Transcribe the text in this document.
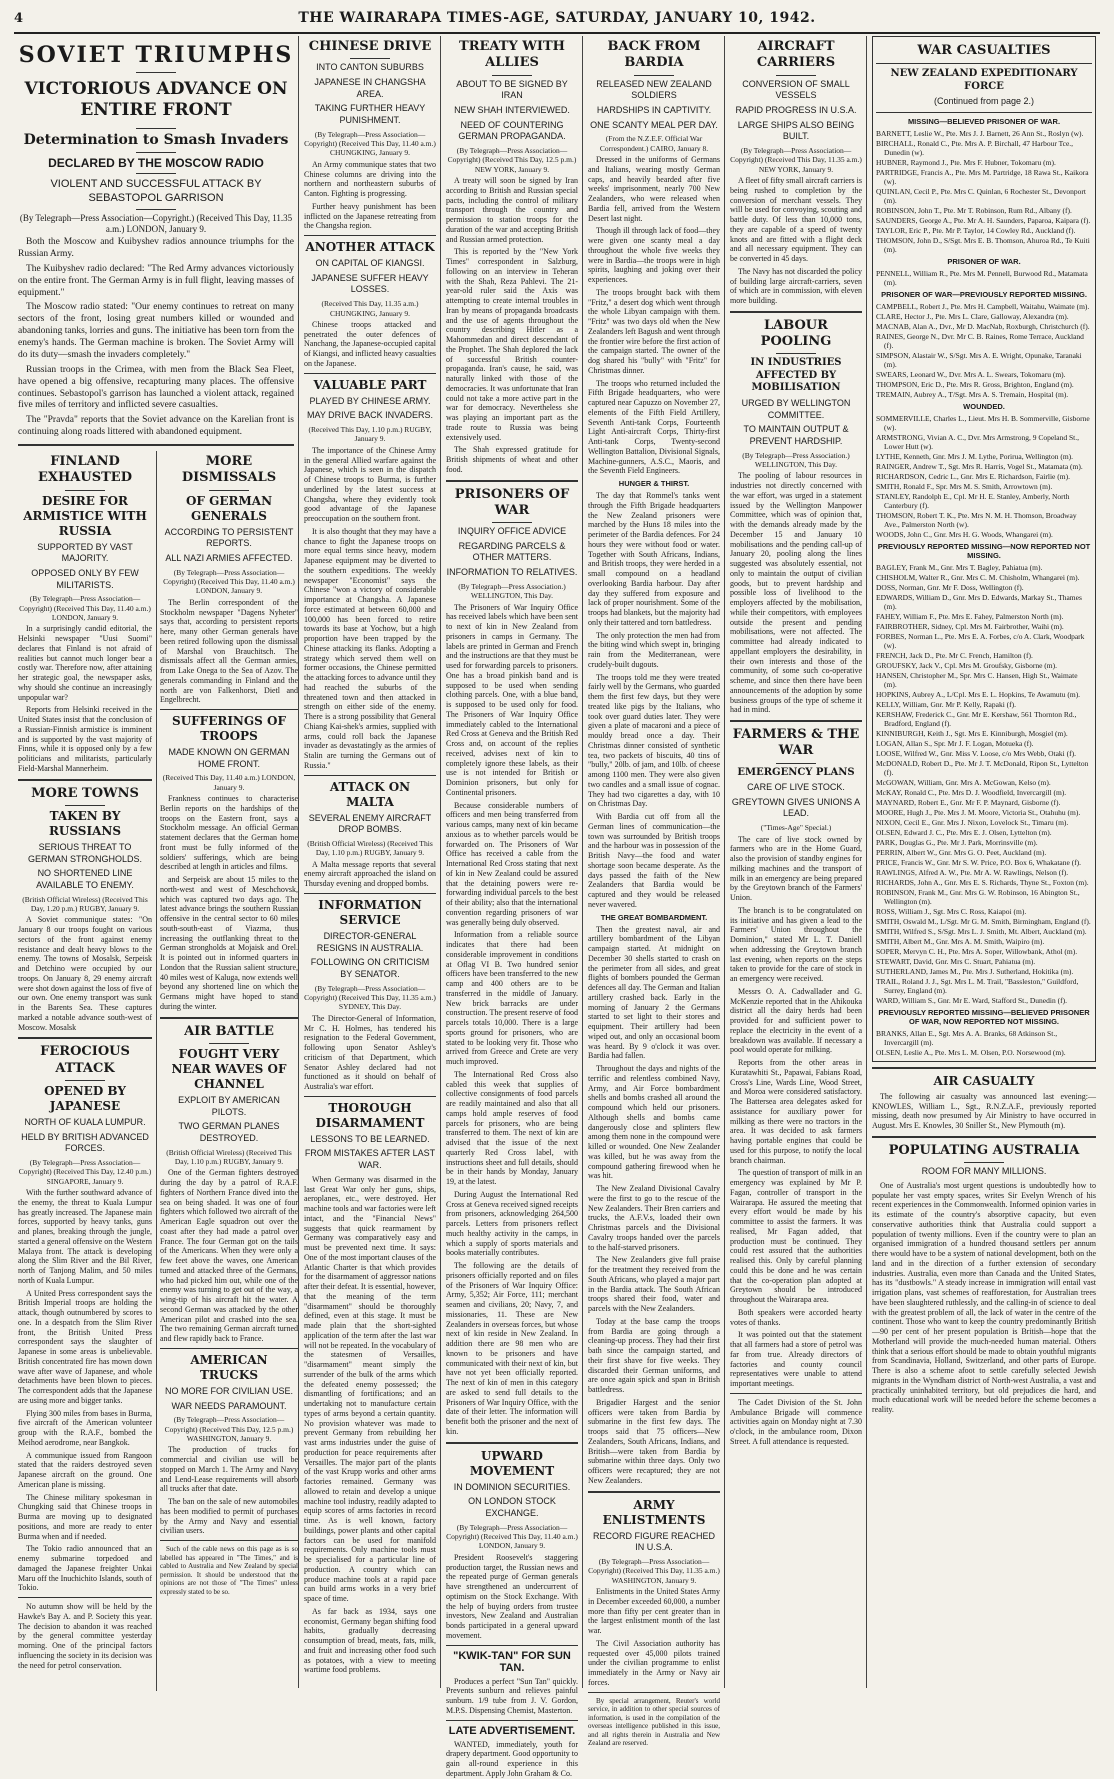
4	THE WAIRARAPA TIMES-AGE, SATURDAY, JANUARY 10, 1942.
SOVIET TRIUMPHS
VICTORIOUS ADVANCE ON ENTIRE FRONT
Determination to Smash Invaders
DECLARED BY THE MOSCOW RADIO
VIOLENT AND SUCCESSFUL ATTACK BY SEBASTOPOL GARRISON
(By Telegraph—Press Association—Copyright.) (Received This Day, 11.35 a.m.) LONDON, January 9.

Both the Moscow and Kuibyshev radios announce triumphs for the Russian Army.

The Kuibyshev radio declared: "The Red Army advances victoriously on the entire front. The German Army is in full flight, leaving masses of equipment."

The Moscow radio stated: "Our enemy continues to retreat on many sectors of the front, losing great numbers killed or wounded and abandoning tanks, lorries and guns. The initiative has been torn from the enemy's hands. The German machine is broken. The Soviet Army will do its duty—smash the invaders completely."

Russian troops in the Crimea, with men from the Black Sea Fleet, have opened a big offensive, recapturing many places. The offensive continues. Sebastopol's garrison has launched a violent attack, regained five miles of territory and inflicted severe casualties.

The "Pravda" reports that the Soviet advance on the Karelian front is continuing along roads littered with abandoned equipment.

FINLAND EXHAUSTED
DESIRE FOR ARMISTICE WITH RUSSIA
SUPPORTED BY VAST MAJORITY.
OPPOSED ONLY BY FEW MILITARISTS.
(By Telegraph—Press Association—Copyright) (Received This Day, 11.40 a.m.) LONDON, January 9.

In a surprisingly candid editorial, the Helsinki newspaper "Uusi Suomi" declares that Finland is not afraid of realities but cannot much longer bear a costly war. Therefore now, after attaining her strategic goal, the newspaper asks, why should she continue an increasingly unpopular war?

Reports from Helsinki received in the United States insist that the conclusion of a Russian-Finnish armistice is imminent and is supported by the vast majority of Finns, while it is opposed only by a few politicians and militarists, particularly Field-Marshal Mannerheim.

MORE TOWNS
TAKEN BY RUSSIANS
SERIOUS THREAT TO GERMAN STRONGHOLDS.
NO SHORTENED LINE AVAILABLE TO ENEMY.
(British Official Wireless) (Received This Day, 1.20 p.m.) RUGBY, January 9.

A Soviet communique states: "On January 8 our troops fought on various sectors of the front against enemy resistance and dealt heavy blows to the enemy. The towns of Mosalsk, Serpeisk and Detchino were occupied by our troops. On January 8, 29 enemy aircraft were shot down against the loss of five of our own. One enemy transport was sunk in the Barents Sea. These captures marked a notable advance south-west of Moscow. Mosalsk

FEROCIOUS ATTACK
OPENED BY JAPANESE
NORTH OF KUALA LUMPUR.
HELD BY BRITISH ADVANCED FORCES.
(By Telegraph—Press Association—Copyright) (Received This Day, 12.40 p.m.) SINGAPORE, January 9.

With the further southward advance of the enemy, the threat to Kuala Lumpur has greatly increased. The Japanese main forces, supported by heavy tanks, guns and planes, breaking through the jungle, started a general offensive on the Western Malaya front. The attack is developing along the Slim River and the Bil River, north of Tanjong Malim, and 50 miles north of Kuala Lumpur.

A United Press correspondent says the British Imperial troops are holding the attack, though outnumbered by scores to one. In a despatch from the Slim River front, the British United Press correspondent says the slaughter of Japanese in some areas is unbelievable. British concentrated fire has mown down wave after wave of Japanese, and whole detachments have been blown to pieces. The correspondent adds that the Japanese are using more and bigger tanks.

Flying 300 miles from bases in Burma, five aircraft of the American volunteer group with the R.A.F., bombed the Meihod aerodrome, near Bangkok.

A communique issued from Rangoon stated that the raiders destroyed seven Japanese aircraft on the ground. One American plane is missing.

The Chinese military spokesman in Chungking said that Chinese troops in Burma are moving up to designated positions, and more are ready to enter Burma when and if needed.

The Tokio radio announced that an enemy submarine torpedoed and damaged the Japanese freighter Unkai Maru off the Inuchichito Islands, south of Tokio.

No autumn show will be held by the Hawke's Bay A. and P. Society this year. The decision to abandon it was reached by the general committee yesterday morning. One of the principal factors influencing the society in its decision was the need for petrol conservation.

MORE DISMISSALS
OF GERMAN GENERALS
ACCORDING TO PERSISTENT REPORTS.
ALL NAZI ARMIES AFFECTED.
(By Telegraph—Press Association—Copyright) (Received This Day, 11.40 a.m.) LONDON, January 9.

The Berlin correspondent of the Stockholm newspaper "Dagens Nyheter" says that, according to persistent reports here, many other German generals have been retired following upon the dismissal of Marshal von Brauchitsch. The dismissals affect all the German armies, from Lake Onega to the Sea of Azov. The generals commanding in Finland and the north are von Falkenhorst, Dietl and Engelbrecht.

SUFFERINGS OF TROOPS
MADE KNOWN ON GERMAN HOME FRONT.
(Received This Day, 11.40 a.m.) LONDON, January 9.

Frankness continues to characterise Berlin reports on the hardships of the troops on the Eastern front, says a Stockholm message. An official German statement declares that the German home front must be fully informed of the soldiers' sufferings, which are being described at length in articles and films.

and Serpeisk are about 15 miles to the north-west and west of Meschchovsk, which was captured two days ago. The latest advance brings the southern Russian offensive in the central sector to 60 miles south-south-east of Viazma, thus increasing the outflanking threat to the German strongholds at Mojaisk and Orel. It is pointed out in informed quarters in London that the Russian salient structure, 40 miles west of Kaluga, now extends well beyond any shortened line on which the Germans might have hoped to stand during the winter.

AIR BATTLE
FOUGHT VERY NEAR WAVES OF CHANNEL
EXPLOIT BY AMERICAN PILOTS.
TWO GERMAN PLANES DESTROYED.
(British Official Wireless) (Received This Day, 1.10 p.m.) RUGBY, January 9.

One of the German fighters destroyed during the day by a patrol of R.A.F. fighters of Northern France dived into the sea on being shaded. It was one of four fighters which followed two aircraft of the American Eagle squadron out over the coast after they had made a patrol over France. The four German got on the tails of the Americans. When they were only a few feet above the waves, one American turned and attacked three of the Germans, who had picked him out, while one of the enemy was turning to get out of the way, a wing-tip of his aircraft hit the water. A second German was attacked by the other American pilot and crashed into the sea. The two remaining German aircraft turned and flew rapidly back to France.

AMERICAN TRUCKS
NO MORE FOR CIVILIAN USE.
WAR NEEDS PARAMOUNT.
(By Telegraph—Press Association—Copyright) (Received This Day, 12.5 p.m.) WASHINGTON, January 9.

The production of trucks for commercial and civilian use will be stopped on March 1. The Army and Navy and Lend-Lease requirements will absorb all trucks after that date.

The ban on the sale of new automobiles has been modified to permit of purchases by the Army and Navy and essential civilian users.

Such of the cable news on this page as is so labelled has appeared in "The Times," and is cabled to Australia and New Zealand by special permission. It should be understood that the opinions are not those of "The Times" unless expressly stated to be so.

CHINESE DRIVE
INTO CANTON SUBURBS
JAPANESE IN CHANGSHA AREA.
TAKING FURTHER HEAVY PUNISHMENT.
(By Telegraph—Press Association—Copyright) (Received This Day, 11.40 a.m.) CHUNGKING, January 9.

An Army communique states that two Chinese columns are driving into the northern and northeastern suburbs of Canton. Fighting is progressing.

Further heavy punishment has been inflicted on the Japanese retreating from the Changsha region.

ANOTHER ATTACK
ON CAPITAL OF KIANGSI.
JAPANESE SUFFER HEAVY LOSSES.
(Received This Day, 11.35 a.m.) CHUNGKING, January 9.

Chinese troops attacked and penetrated the outer defences of Nanchang, the Japanese-occupied capital of Kiangsi, and inflicted heavy casualties on the Japanese.

VALUABLE PART
PLAYED BY CHINESE ARMY.
MAY DRIVE BACK INVADERS.
(Received This Day, 1.10 p.m.) RUGBY, January 9.

The importance of the Chinese Army in the general Allied warfare against the Japanese, which is seen in the dispatch of Chinese troops to Burma, is further underlined by the latest success at Changsha, where they evidently took good advantage of the Japanese preoccupation on the southern front.

It is also thought that they may have a chance to fight the Japanese troops on more equal terms since heavy, modern Japanese equipment may be diverted to the southern expeditions. The weekly newspaper "Economist" says the Chinese "won a victory of considerable importance at Changsha. A Japanese force estimated at between 60,000 and 100,000 has been forced to retire towards its base at Yochow, but a high proportion have been trapped by the Chinese attacking its flanks. Adopting a strategy which served them well on former occasions, the Chinese permitted the attacking forces to advance until they had reached the suburbs of the threatened town and then attacked in strength on either side of the enemy. There is a strong possibility that General Chiang Kai-shek's armies, supplied with arms, could roll back the Japanese invader as devastatingly as the armies of Stalin are turning the Germans out of Russia."

ATTACK ON MALTA
SEVERAL ENEMY AIRCRAFT DROP BOMBS.
(British Official Wireless) (Received This Day, 1.10 p.m.) RUGBY, January 9.

A Malta message reports that several enemy aircraft approached the island on Thursday evening and dropped bombs.

INFORMATION SERVICE
DIRECTOR-GENERAL RESIGNS IN AUSTRALIA.
FOLLOWING ON CRITICISM BY SENATOR.
(By Telegraph—Press Association—Copyright) (Received This Day, 11.35 a.m.) SYDNEY, This Day.

The Director-General of Information, Mr C. H. Holmes, has tendered his resignation to the Federal Government, following upon Senator Ashley's criticism of that Department, which Senator Ashley declared had not functioned as it should on behalf of Australia's war effort.

THOROUGH DISARMAMENT
LESSONS TO BE LEARNED.
FROM MISTAKES AFTER LAST WAR.

When Germany was disarmed in the last Great War only her guns, ships, aeroplanes, etc., were destroyed. Her machine tools and war factories were left intact, and the "Financial News" suggests that quick rearmament by Germany was comparatively easy and must be prevented next time. It says: One of the most important clauses of the Atlantic Charter is that which provides for the disarmament of aggressor nations after their defeat. It is essential, however, that the meaning of the term "disarmament" should be thoroughly defined, even at this stage. It must be made plain that the short-sighted application of the term after the last war will not be repeated. In the vocabulary of the statesmen of Versailles, "disarmament" meant simply the surrender of the bulk of the arms which the defeated enemy possessed; the dismantling of fortifications; and an undertaking not to manufacture certain types of arms beyond a certain quantity. No provision whatever was made to prevent Germany from rebuilding her vast arms industries under the guise of production for peace requirements after Versailles. The major part of the plants of the vast Krupp works and other arms factories remained. Germany was allowed to retain and develop a unique machine tool industry, readily adapted to equip scores of arms factories in record time. As is well known, factory buildings, power plants and other capital factors can be used for manifold requirements. Only machine tools must be specialised for a particular line of production. A country which can produce machine tools at a rapid pace can build arms works in a very brief space of time.

As far back as 1934, says one economist, Germany began shifting food habits, gradually decreasing consumption of bread, meats, fats, milk, and fruit and increasing other food such as potatoes, with a view to meeting wartime food problems.

TREATY WITH ALLIES
ABOUT TO BE SIGNED BY IRAN
NEW SHAH INTERVIEWED.
NEED OF COUNTERING GERMAN PROPAGANDA.
(By Telegraph—Press Association—Copyright) (Received This Day, 12.5 p.m.) NEW YORK, January 9.

A treaty will soon be signed by Iran according to British and Russian special pacts, including the control of military transport through the country and permission to station troops for the duration of the war and accepting British and Russian armed protection.

This is reported by the "New York Times" correspondent in Salzburg, following on an interview in Teheran with the Shah, Reza Pahlevi. The 21-year-old ruler said the Axis was attempting to create internal troubles in Iran by means of propaganda broadcasts and the use of agents throughout the country describing Hitler as a Mahommedan and direct descendant of the Prophet. The Shah deplored the lack of successful British counter-propaganda. Iran's cause, he said, was naturally linked with those of the democracies. It was unfortunate that Iran could not take a more active part in the war for democracy. Nevertheless she was playing an important part as the trade route to Russia was being extensively used.

The Shah expressed gratitude for British shipments of wheat and other food.

PRISONERS OF WAR
INQUIRY OFFICE ADVICE
REGARDING PARCELS & OTHER MATTERS.
INFORMATION TO RELATIVES.
(By Telegraph—Press Association.) WELLINGTON, This Day.

The Prisoners of War Inquiry Office has received labels which have been sent to next of kin in New Zealand from prisoners in camps in Germany. The labels are printed in German and French and the instructions are that they must be used for forwarding parcels to prisoners. One has a broad pinkish band and is supposed to be used when sending clothing parcels. One, with a blue band, is supposed to be used only for food. The Prisoners of War Inquiry Office immediately cabled to the International Red Cross at Geneva and the British Red Cross and, on account of the replies received, advises next of kin to completely ignore these labels, as their use is not intended for British or Dominion prisoners, but only for Continental prisoners.

Because considerable numbers of officers and men being transferred from various camps, many next of kin became anxious as to whether parcels would be forwarded on. The Prisoners of War Office has received a cable from the International Red Cross stating that next of kin in New Zealand could be assured that the detaining powers were re-forwarding individual parcels to the best of their ability; also that the international convention regarding prisoners of war was generally being duly observed.

Information from a reliable source indicates that there had been considerable improvement in conditions at Oflag VI B. Two hundred senior officers have been transferred to the new camp and 400 others are to be transferred in the middle of January. New brick barracks are under construction. The present reserve of food parcels totals 10,000. There is a large sports ground for prisoners, who are stated to be looking very fit. Those who arrived from Greece and Crete are very much improved.

The International Red Cross also cabled this week that supplies of collective consignments of food parcels are readily maintained and also that all camps hold ample reserves of food parcels for prisoners, who are being transferred to them. The next of kin are advised that the issue of the next quarterly Red Cross label, with instructions sheet and full details, should be in their hands by Monday, January 19, at the latest.

During August the International Red Cross at Geneva received signed receipts from prisoners, acknowledging 264,500 parcels. Letters from prisoners reflect much healthy activity in the camps, in which a supply of sports materials and books materially contributes.

The following are the details of prisoners officially reported and on files of the Prisoners of War Inquiry Office: Army, 5,352; Air Force, 111; merchant seamen and civilians, 20; Navy, 7, and missionaries, 11. These are New Zealanders in overseas forces, but whose next of kin reside in New Zealand. In addition there are 98 men who are known to be prisoners and have communicated with their next of kin, but have not yet been officially reported. The next of kin of men in this category are asked to send full details to the Prisoners of War Inquiry Office, with the date of their letter. The information will benefit both the prisoner and the next of kin.

UPWARD MOVEMENT
IN DOMINION SECURITIES.
ON LONDON STOCK EXCHANGE.
(By Telegraph—Press Association—Copyright) (Received This Day, 11.40 a.m.) LONDON, January 9.

President Roosevelt's staggering production target, the Russian news and the repeated purge of German generals have strengthened an undercurrent of optimism on the Stock Exchange. With the help of buying orders from trustee investors, New Zealand and Australian bonds participated in a general upward movement.

"KWIK-TAN" FOR SUN TAN.

Produces a perfect "Sun Tan" quickly. Prevents sunburn and relieves painful sunburn. 1/9 tube from J. V. Gordon, M.P.S. Dispensing Chemist, Masterton.

LATE ADVERTISEMENT.

WANTED, immediately, youth for drapery department. Good opportunity to gain all-round experience in this department. Apply John Graham & Co.

BACK FROM BARDIA
RELEASED NEW ZEALAND SOLDIERS
HARDSHIPS IN CAPTIVITY.
ONE SCANTY MEAL PER DAY.
(From the N.Z.E.F. Official War Correspondent.) CAIRO, January 8.

Dressed in the uniforms of Germans and Italians, wearing mostly German caps, and heavily bearded after five weeks' imprisonment, nearly 700 New Zealanders, who were released when Bardia fell, arrived from the Western Desert last night.

Though ill through lack of food—they were given one scanty meal a day throughout the whole five weeks they were in Bardia—the troops were in high spirits, laughing and joking over their experiences.

The troops brought back with them "Fritz," a desert dog which went through the whole Libyan campaign with them. "Fritz" was two days old when the New Zealanders left Bagush and went through the frontier wire before the first action of the campaign started. The owner of the dog shared his "bully" with "Fritz" for Christmas dinner.

The troops who returned included the Fifth Brigade headquarters, who were captured near Capuzzo on November 27, elements of the Fifth Field Artillery, Seventh Anti-tank Corps, Fourteenth Light Anti-aircraft Corps, Thirty-first Anti-tank Corps, Twenty-second Wellington Battalion, Divisional Signals, Machine-gunners, A.S.C., Maoris, and the Seventh Field Engineers.

HUNGER & THIRST.

The day that Rommel's tanks went through the Fifth Brigade headquarters the New Zealand prisoners were marched by the Huns 18 miles into the perimeter of the Bardia defences. For 24 hours they were without food or water. Together with South Africans, Indians, and British troops, they were herded in a small compound on a headland overlooking Bardia harbour. Day after day they suffered from exposure and lack of proper nourishment. Some of the troops had blankets, but the majority had only their tattered and torn battledress.

The only protection the men had from the biting wind which swept in, bringing rain from the Mediterranean, were crudely-built dugouts.

The troops told me they were treated fairly well by the Germans, who guarded them the first few days, but they were treated like pigs by the Italians, who took over guard duties later. They were given a plate of macaroni and a piece of mouldy bread once a day. Their Christmas dinner consisted of synthetic tea, two packets of biscuits, 40 tins of "bully," 20lb. of jam, and 10lb. of cheese among 1100 men. They were also given two candles and a small issue of cognac. They had two cigarettes a day, with 10 on Christmas Day.

With Bardia cut off from all the German lines of communication—the town was surrounded by British troops and the harbour was in possession of the British Navy—the food and water shortage soon became desperate. As the days passed the faith of the New Zealanders that Bardia would be captured and they would be released never wavered.

THE GREAT BOMBARDMENT.

Then the greatest naval, air and artillery bombardment of the Libyan campaign started. At midnight on December 30 shells started to crash on the perimeter from all sides, and great flights of bombers pounded the German defences all day. The German and Italian artillery crashed back. Early in the morning of January 2 the Germans started to set light to their stores and equipment. Their artillery had been wiped out, and only an occasional boom was heard. By 9 o'clock it was over. Bardia had fallen.

Throughout the days and nights of the terrific and relentless combined Navy, Army, and Air Force bombardment shells and bombs crashed all around the compound which held our prisoners. Although shells and bombs came dangerously close and splinters flew among them none in the compound were killed or wounded. One New Zealander was killed, but he was away from the compound gathering firewood when he was hit.

The New Zealand Divisional Cavalry were the first to go to the rescue of the New Zealanders. Their Bren carriers and trucks, the A.F.V.s, loaded their own Christmas parcels and the Divisional Cavalry troops handed over the parcels to the half-starved prisoners.

The New Zealanders give full praise for the treatment they received from the South Africans, who played a major part in the Bardia attack. The South African troops shared their food, water and parcels with the New Zealanders.

Today at the base camp the troops from Bardia are going through a cleaning-up process. They had their first bath since the campaign started, and their first shave for five weeks. They discarded their German uniforms, and are once again spick and span in British battledress.

Brigadier Hargest and the senior officers were taken from Bardia by submarine in the first few days. The troops said that 75 officers—New Zealanders, South Africans, Indians, and British—were taken from Bardia by submarine within three days. Only two officers were recaptured; they are not New Zealanders.

ARMY ENLISTMENTS
RECORD FIGURE REACHED IN U.S.A.
(By Telegraph—Press Association—Copyright) (Received This Day, 11.35 a.m.) WASHINGTON, January 9.

Enlistments in the United States Army in December exceeded 60,000, a number more than fifty per cent greater than in the largest enlistment month of the last war.

The Civil Association authority has requested over 45,000 pilots trained under the civilian programme to enlist immediately in the Army or Navy air forces.

By special arrangement, Reuter's world service, in addition to other special sources of information, is used in the compilation of the overseas intelligence published in this issue, and all rights therein in Australia and New Zealand are reserved.

AIRCRAFT CARRIERS
CONVERSION OF SMALL VESSELS
RAPID PROGRESS IN U.S.A.
LARGE SHIPS ALSO BEING BUILT.
(By Telegraph—Press Association—Copyright) (Received This Day, 11.35 a.m.) NEW YORK, January 9.

A fleet of fifty small aircraft carriers is being rushed to completion by the conversion of merchant vessels. They will be used for convoying, scouting and battle duty. Of less than 10,000 tons, they are capable of a speed of twenty knots and are fitted with a flight deck and all necessary equipment. They can be converted in 45 days.

The Navy has not discarded the policy of building large aircraft-carriers, seven of which are in commission, with eleven more building.

LABOUR POOLING
IN INDUSTRIES AFFECTED BY MOBILISATION
URGED BY WELLINGTON COMMITTEE.
TO MAINTAIN OUTPUT & PREVENT HARDSHIP.
(By Telegraph—Press Association.) WELLINGTON, This Day.

The pooling of labour resources in industries not directly concerned with the war effort, was urged in a statement issued by the Wellington Manpower Committee, which was of opinion that, with the demands already made by the December 15 and January 10 mobilisations and the pending call-up of January 20, pooling along the lines suggested was absolutely essential, not only to maintain the output of civilian goods, but to prevent hardship and possible loss of livelihood to the employers affected by the mobilisation, while their competitors, with employees outside the present and pending mobilisations, were not affected. The committee had already indicated to appellant employers the desirability, in their own interests and those of the community, of some such co-operative scheme, and since then there have been announcements of the adoption by some business groups of the type of scheme it had in mind.

FARMERS & THE WAR
EMERGENCY PLANS
CARE OF LIVE STOCK.
GREYTOWN GIVES UNIONS A LEAD.
("Times-Age" Special.)

The care of live stock owned by farmers who are in the Home Guard, also the provision of standby engines for milking machines and the transport of milk in an emergency are being prepared by the Greytown branch of the Farmers' Union.

The branch is to be congratulated on its initiative and has given a lead to the Farmers' Union throughout the Dominion," stated Mr L. T. Daniell when addressing the Greytown branch last evening, when reports on the steps taken to provide for the care of stock in an emergency were received.

Messrs O. A. Cadwallader and G. McKenzie reported that in the Ahikouka district all the dairy herds had been provided for and sufficient power to replace the electricity in the event of a breakdown was available. If necessary a pool would operate for milking.

Reports from the other areas in Kuratawhiti St., Papawai, Fabians Road, Cross's Line, Wards Line, Wood Street, and Moroa were considered satisfactory. The Battersea area delegates asked for assistance for auxiliary power for milking as there were no tractors in the area. It was decided to ask farmers having portable engines that could be used for this purpose, to notify the local branch chairman.

The question of transport of milk in an emergency was explained by Mr P. Fagan, controller of transport in the Wairarapa. He assured the meeting that every effort would be made by his committee to assist the farmers. It was realised, Mr Fagan added, that production must be continued. They could rest assured that the authorities realised this. Only by careful planning could this be done and he was certain that the co-operation plan adopted at Greytown should be introduced throughout the Wairarapa area.

Both speakers were accorded hearty votes of thanks.

It was pointed out that the statement that all farmers had a store of petrol was far from true. Already directors of factories and county council representatives were unable to attend important meetings.

The Cadet Division of the St. John Ambulance Brigade will commence activities again on Monday night at 7.30 o'clock, in the ambulance room, Dixon Street. A full attendance is requested.

WAR CASUALTIES
NEW ZEALAND EXPEDITIONARY FORCE
(Continued from page 2.)
MISSING—BELIEVED PRISONER OF WAR.
BARNETT, Leslie W., Pte. Mrs J. J. Barnett, 26 Ann St., Roslyn (w).
BIRCHALL, Ronald C., Pte. Mrs A. P. Birchall, 47 Harbour Tce., Dunedin (w).
HUBNER, Raymond J., Pte. Mrs F. Hubner, Tokomaru (m).
PARTRIDGE, Francis A., Pte. Mrs M. Partridge, 18 Rawa St., Kaikora (w).
QUINLAN, Cecil P., Pte. Mrs C. Quinlan, 6 Rochester St., Devonport (m).
ROBINSON, John T., Pte. Mr T. Robinson, Rum Rd., Albany (f).
SAUNDERS, George A., Pte. Mr A. H. Saunders, Paparoa, Kaipara (f).
TAYLOR, Eric P., Pte. Mr P. Taylor, 14 Cowley Rd., Auckland (f).
THOMSON, John D., S/Sgt. Mrs E. B. Thomson, Ahuroa Rd., Te Kuiti (m).
PRISONER OF WAR.
PENNELL, William R., Pte. Mrs M. Pennell, Burwood Rd., Matamata (m).
PRISONER OF WAR—PREVIOUSLY REPORTED MISSING.
CAMPBELL, Robert J., Pte. Mrs H. Campbell, Waitahu, Waimate (m).
CLARE, Hector J., Pte. Mrs L. Clare, Galloway, Alexandra (m).
MACNAB, Alan A., Dvr., Mr D. MacNab, Roxburgh, Christchurch (f).
RAINES, George N., Dvr. Mr C. B. Raines, Rome Terrace, Auckland (f).
SIMPSON, Alastair W., S/Sgt. Mrs A. E. Wright, Opunake, Taranaki (m).
SWEARS, Leonard W., Dvr. Mrs A. L. Swears, Tokomaru (m).
THOMPSON, Eric D., Pte. Mrs R. Gross, Brighton, England (m).
TREMAIN, Aubrey A., T/Sgt. Mrs A. S. Tremain, Hospital (m).
WOUNDED.
SOMMERVILLE, Charles L., Lieut. Mrs H. B. Sommerville, Gisborne (w).
ARMSTRONG, Vivian A. C., Dvr. Mrs Armstrong, 9 Copeland St., Lower Hutt (w).
LYTHE, Kenneth, Gnr. Mrs J. M. Lythe, Porirua, Wellington (m).
RAINGER, Andrew T., Sgt. Mrs R. Harris, Vogel St., Matamata (m).
RICHARDSON, Cedric L., Gnr. Mrs E. Richardson, Fairlie (m).
SMITH, Ronald F., Spr. Mrs M. S. Smith, Arrowtown (m).
STANLEY, Randolph E., Cpl. Mr H. E. Stanley, Amberly, North Canterbury (f).
THOMSON, Robert T. K., Pte. Mrs N. M. H. Thomson, Broadway Ave., Palmerston North (w).
WOODS, John C., Gnr. Mrs H. G. Woods, Whangarei (m).
PREVIOUSLY REPORTED MISSING—NOW REPORTED NOT MISSING.
BAGLEY, Frank M., Gnr. Mrs T. Bagley, Pahiatua (m).
CHISHOLM, Walter R., Gnr. Mrs C. M. Chisholm, Whangarei (m).
DOSS, Norman, Gnr. Mr F. Doss, Wellington (f).
EDWARDS, William D., Gnr. Mrs D. Edwards, Markay St., Thames (m).
FAHEY, William F., Pte. Mrs E. Fahey, Palmerston North (m).
FAIRBROTHER, Sidney, Cpl. Mrs M. Fairbrother, Waihi (m).
FORBES, Norman L., Pte. Mrs E. A. Forbes, c/o A. Clark, Woodpark (w).
FRENCH, Jack D., Pte. Mr C. French, Hamilton (f).
GROUFSKY, Jack V., Cpl. Mrs M. Groufsky, Gisborne (m).
HANSEN, Christopher M., Spr. Mrs C. Hansen, High St., Waimate (m).
HOPKINS, Aubrey A., L/Cpl. Mrs E. L. Hopkins, Te Awamutu (m).
KELLY, William, Gnr. Mr P. Kelly, Rapaki (f).
KERSHAW, Frederick C., Gnr. Mr E. Kershaw, 561 Thornton Rd., Bradford, England (f).
KINNIBURGH, Keith J., Sgt. Mrs E. Kinniburgh, Mosgiel (m).
LOGAN, Allan S., Spr. Mr J. F. Logan, Motueka (f).
LOOSE, Wilfred W., Gnr. Miss V. Loose, c/o Mrs Webb, Otaki (f).
McDONALD, Robert D., Pte. Mr J. T. McDonald, Ripon St., Lyttelton (f).
McGOWAN, William, Gnr. Mrs A. McGowan, Kelso (m).
McKAY, Ronald C., Pte. Mrs D. J. Woodfield, Invercargill (m).
MAYNARD, Robert E., Gnr. Mr F. P. Maynard, Gisborne (f).
MOORE, Hugh J., Pte. Mrs J. M. Moore, Victoria St., Otahuhu (m).
NIXON, Cecil E., Gnr. Mrs J. Nixon, Lovelock St., Timaru (m).
OLSEN, Edward J. C., Pte. Mrs E. J. Olsen, Lyttelton (m).
PARK, Douglas G., Pte. Mr J. Park, Morrinsville (m).
PERRIN, Albert W., Gnr. Mrs G. O. Peet, Auckland (m).
PRICE, Francis W., Gnr. Mr S. W. Price, P.O. Box 6, Whakatane (f).
RAWLINGS, Alfred A. W., Pte. Mr A. W. Rawlings, Nelson (f).
RICHARDS, John A., Gnr. Mrs E. S. Richards, Thyne St., Foxton (m).
ROBINSON, Frank M., Gnr. Mrs G. W. Robinson, 16 Abington St., Wellington (m).
ROSS, William J., Sgt. Mrs C. Ross, Kaiapoi (m).
SMITH, Oswald M., L/Sgt. Mr G. M. Smith, Birmingham, England (f).
SMITH, Wilfred S., S/Sgt. Mrs L. J. Smith, Mt. Albert, Auckland (m).
SMITH, Albert M., Gnr. Mrs A. M. Smith, Waipiro (m).
SOPER, Mervyn C. H., Pte. Mrs A. Soper, Willowbank, Athol (m).
STEWART, David, Gnr. Mrs C. Stuart, Pahiatua (m).
SUTHERLAND, James M., Pte. Mrs J. Sutherland, Hokitika (m).
TRAIL, Roland J. J., Sgt. Mrs L. M. Trail, "Bassleston," Guildford, Surrey, England (m).
WARD, William S., Gnr. Mr E. Ward, Stafford St., Dunedin (f).
PREVIOUSLY REPORTED MISSING—BELIEVED PRISONER OF WAR, NOW REPORTED NOT MISSING.
BRANKS, Allan E., Sgt. Mrs A. A. Branks, 68 Atkinson St., Invercargill (m).
OLSEN, Leslie A., Pte. Mrs L. M. Olsen, P.O. Norsewood (m).
AIR CASUALTY

The following air casualty was announced last evening:—KNOWLES, William L., Sgt., R.N.Z.A.F., previously reported missing, death now presumed by Air Ministry to have occurred in August. Mrs E. Knowles, 30 Sniller St., New Plymouth (m).

POPULATING AUSTRALIA
ROOM FOR MANY MILLIONS.

One of Australia's most urgent questions is undoubtedly how to populate her vast empty spaces, writes Sir Evelyn Wrench of his recent experiences in the Commonwealth. Informed opinion varies in its estimate of the country's absorptive capacity, but even conservative authorities think that Australia could support a population of twenty millions. Even if the country were to plan an organised immigration of a hundred thousand settlers per annum there would have to be a system of national development, both on the land and in the direction of a further extension of secondary industries. Australia, even more than Canada and the United States, has its "dustbowls." A steady increase in immigration will entail vast irrigation plans, vast schemes of reafforestation, for Australian trees have been slaughtered ruthlessly, and the calling-in of science to deal with the greatest problem of all, the lack of water in the centre of the continent. Those who want to keep the country predominantly British—90 per cent of her present population is British—hope that the Motherland will provide the much-needed human material. Others think that a serious effort should be made to obtain youthful migrants from Scandinavia, Holland, Switzerland, and other parts of Europe. There is also a scheme afoot to settle carefully selected Jewish migrants in the Wyndham district of North-west Australia, a vast and practically uninhabited territory, but old prejudices die hard, and much educational work will be needed before the scheme becomes a reality.
